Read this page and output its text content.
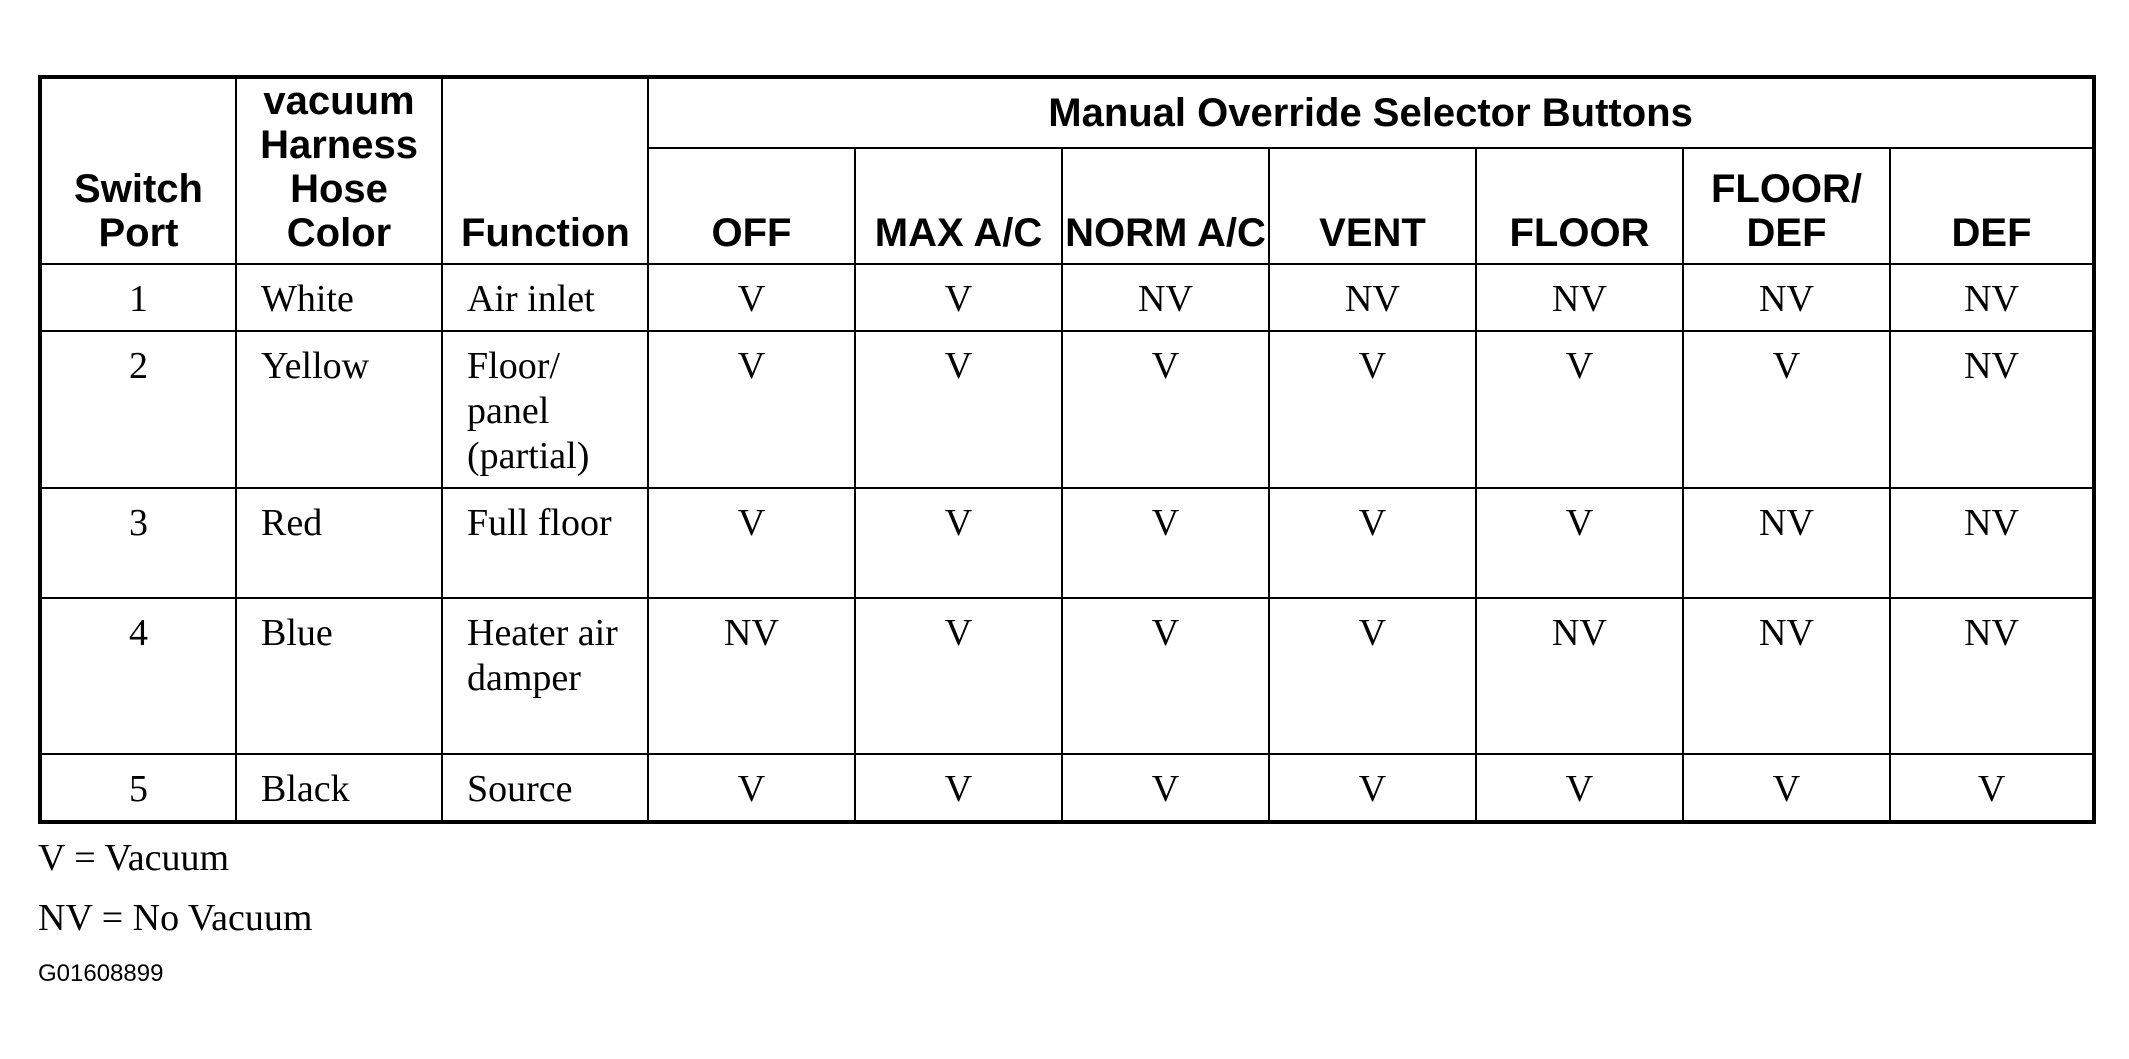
Switch Port	vacuum Harness Hose Color	Function	Manual Override Selector Buttons						
			OFF	MAX A/C	NORM A/C	VENT	FLOOR	FLOOR/ DEF	DEF
1	White	Air inlet	V	V	NV	NV	NV	NV	NV
2	Yellow	Floor/ panel (partial)	V	V	V	V	V	V	NV
3	Red	Full floor	V	V	V	V	V	NV	NV
4	Blue	Heater air damper	NV	V	V	V	NV	NV	NV
5	Black	Source	V	V	V	V	V	V	V
V = Vacuum
NV = No Vacuum
G01608899
